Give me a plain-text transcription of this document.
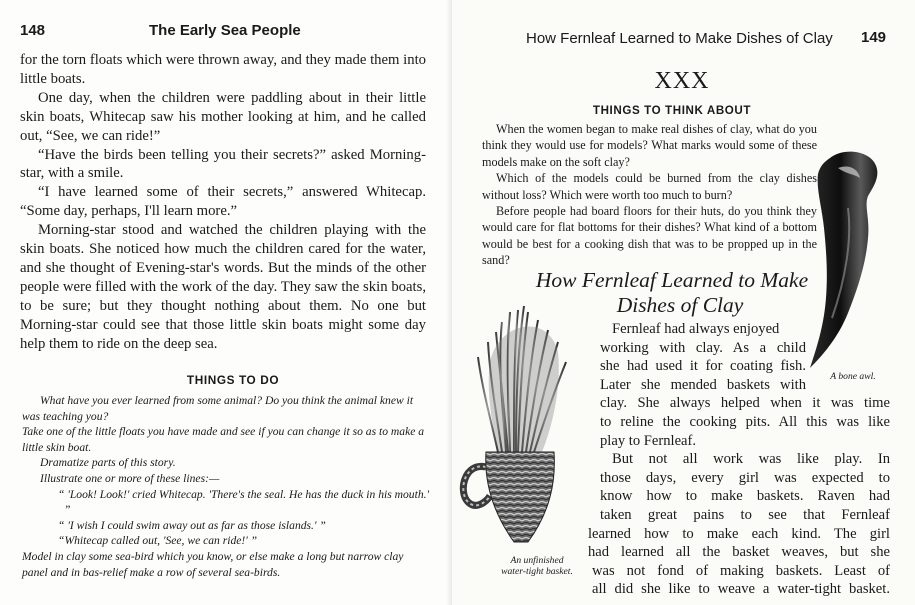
148	The Early Sea People

for the torn floats which were thrown away, and they made them into little boats.

One day, when the children were paddling about in their little skin boats, Whitecap saw his mother looking at him, and he called out, “See, we can ride!”

“Have the birds been telling you their secrets?” asked Morning-star, with a smile.

“I have learned some of their secrets,” answered Whitecap. “Some day, perhaps, I'll learn more.”

Morning-star stood and watched the children playing with the skin boats. She noticed how much the children cared for the water, and she thought of Evening-star's words. But the minds of the other people were filled with the work of the day. They saw the skin boats, to be sure; but they thought nothing about them. No one but Morning-star could see that those little skin boats might some day help them to ride on the deep sea.

THINGS TO DO

What have you ever learned from some animal? Do you think the animal knew it was teaching you?

Take one of the little floats you have made and see if you can change it so as to make a little skin boat.

Dramatize parts of this story.

Illustrate one or more of these lines:—

“ 'Look! Look!' cried Whitecap. 'There's the seal. He has the duck in his mouth.' ”

“ 'I wish I could swim away out as far as those islands.' ”

“Whitecap called out, 'See, we can ride!' ”

Model in clay some sea-bird which you know, or else make a long but narrow clay panel and in bas-relief make a row of several sea-birds.

How Fernleaf Learned to Make Dishes of Clay 149
XXX
THINGS TO THINK ABOUT

When the women began to make real dishes of clay, what do you think they would use for models? What marks would some of these models make on the soft clay?

Which of the models could be burned from the clay dishes without loss? Which were worth too much to burn?

Before people had board floors for their huts, do you think they would care for flat bottoms for their dishes? What kind of a bottom would be best for a cooking dish that was to be propped up in the sand?

A bone awl.
How Fernleaf Learned to Make
Dishes of Clay
An unfinished
water-tight basket.
Fernleaf had always enjoyed
working with clay. As a child
she had used it for coating fish.
Later she mended baskets with
clay. She always helped when it was time
to reline the cooking pits. All this was like
play to Fernleaf.
But not all work was like play. In
those days, every girl was expected to
know how to make baskets. Raven had
taken great pains to see that Fernleaf
learned how to make each kind. The girl
had learned all the basket weaves, but she
was not fond of making baskets. Least of
all did she like to weave a water-tight basket.
